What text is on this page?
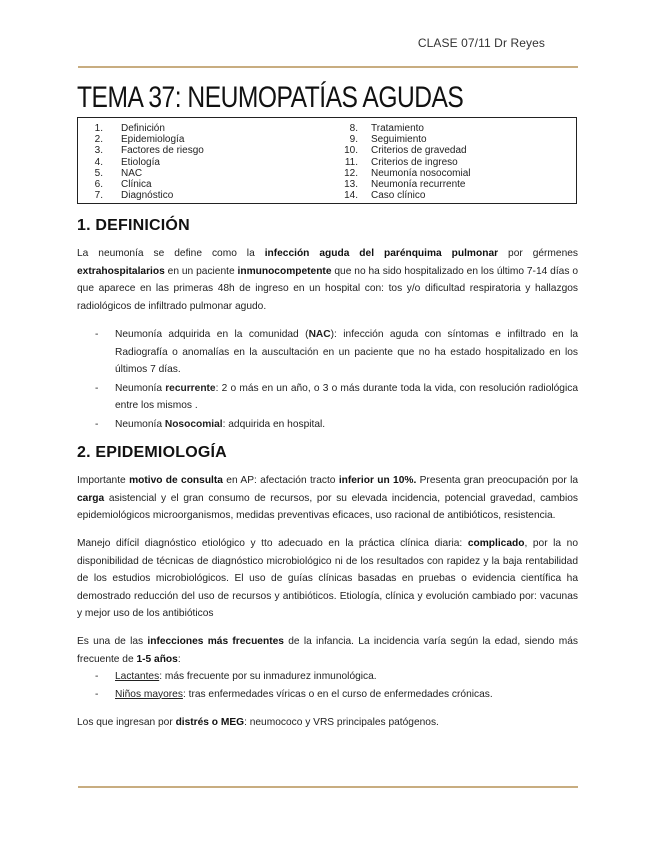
CLASE 07/11 Dr Reyes
TEMA 37: NEUMOPATÍAS AGUDAS
1. Definición
2. Epidemiología
3. Factores de riesgo
4. Etiología
5. NAC
6. Clínica
7. Diagnóstico
8. Tratamiento
9. Seguimiento
10. Criterios de gravedad
11. Criterios de ingreso
12. Neumonía nosocomial
13. Neumonía recurrente
14. Caso clínico
1. DEFINICIÓN

La neumonía se define como la infección aguda del parénquima pulmonar por gérmenes extrahospitalarios en un paciente inmunocompetente que no ha sido hospitalizado en los último 7-14 días o que aparece en las primeras 48h de ingreso en un hospital con: tos y/o dificultad respiratoria y hallazgos radiológicos de infiltrado pulmonar agudo.

- Neumonía adquirida en la comunidad (NAC): infección aguda con síntomas e infiltrado en la Radiografía o anomalías en la auscultación en un paciente que no ha estado hospitalizado en los últimos 7 días.
- Neumonía recurrente: 2 o más en un año, o 3 o más durante toda la vida, con resolución radiológica entre los mismos .
- Neumonía Nosocomial: adquirida en hospital.
2. EPIDEMIOLOGÍA

Importante motivo de consulta en AP: afectación tracto inferior un 10%. Presenta gran preocupación por la carga asistencial y el gran consumo de recursos, por su elevada incidencia, potencial gravedad, cambios epidemiológicos microorganismos, medidas preventivas eficaces, uso racional de antibióticos, resistencia.

Manejo difícil diagnóstico etiológico y tto adecuado en la práctica clínica diaria: complicado, por la no disponibilidad de técnicas de diagnóstico microbiológico ni de los resultados con rapidez y la baja rentabilidad de los estudios microbiológicos. El uso de guías clínicas basadas en pruebas o evidencia científica ha demostrado reducción del uso de recursos y antibióticos. Etiología, clínica y evolución cambiado por: vacunas y mejor uso de los antibióticos

Es una de las infecciones más frecuentes de la infancia. La incidencia varía según la edad, siendo más frecuente de 1-5 años:

- Lactantes: más frecuente por su inmadurez inmunológica.
- Niños mayores: tras enfermedades víricas o en el curso de enfermedades crónicas.

Los que ingresan por distrés o MEG: neumococo y VRS principales patógenos.
